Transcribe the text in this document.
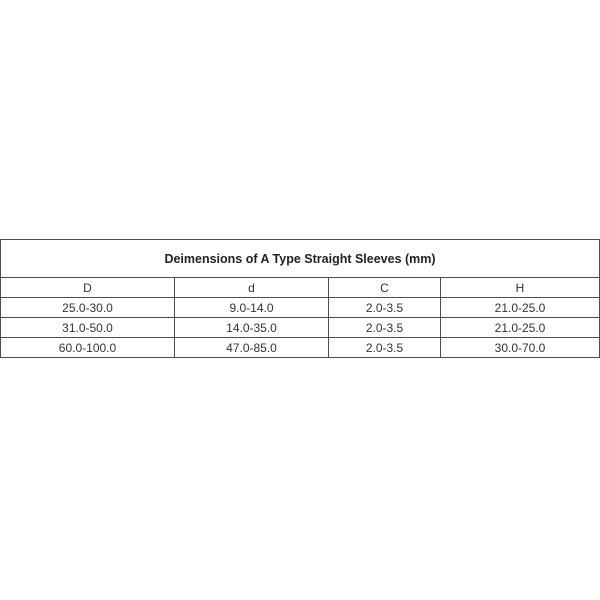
Deimensions of A Type Straight Sleeves (mm)			
D	d	C	H
25.0-30.0	9.0-14.0	2.0-3.5	21.0-25.0
31.0-50.0	14.0-35.0	2.0-3.5	21.0-25.0
60.0-100.0	47.0-85.0	2.0-3.5	30.0-70.0
